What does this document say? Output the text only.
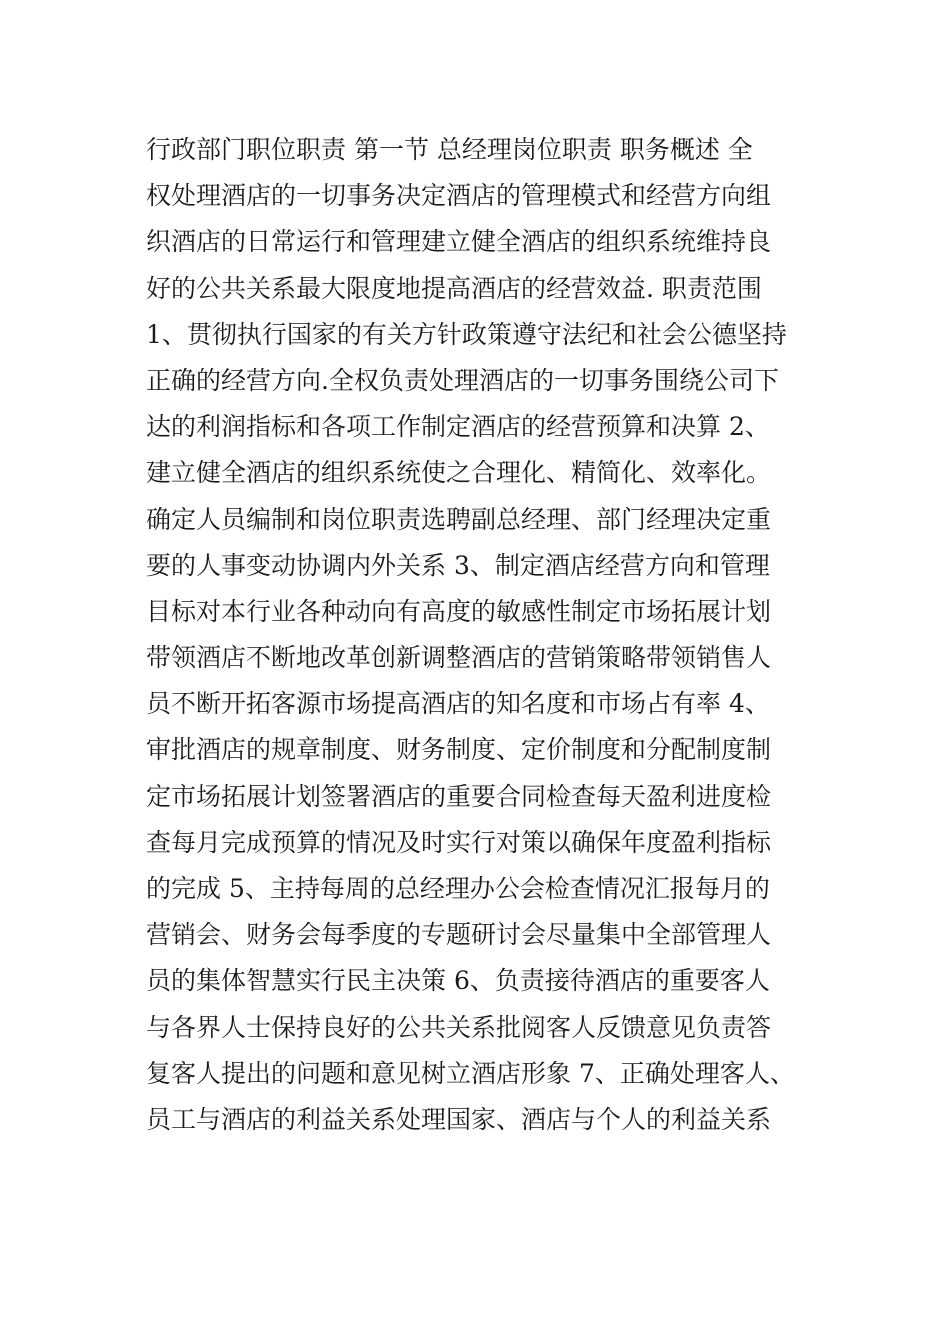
行政部门职位职责 第一节 总经理岗位职责 职务概述 全
权处理酒店的一切事务决定酒店的管理模式和经营方向组
织酒店的日常运行和管理建立健全酒店的组织系统维持良
好的公共关系最大限度地提高酒店的经营效益. 职责范围
1、贯彻执行国家的有关方针政策遵守法纪和社会公德坚持
正确的经营方向.全权负责处理酒店的一切事务围绕公司下
达的利润指标和各项工作制定酒店的经营预算和决算 2、
建立健全酒店的组织系统使之合理化、精简化、效率化。
确定人员编制和岗位职责选聘副总经理、部门经理决定重
要的人事变动协调内外关系 3、制定酒店经营方向和管理
目标对本行业各种动向有高度的敏感性制定市场拓展计划
带领酒店不断地改革创新调整酒店的营销策略带领销售人
员不断开拓客源市场提高酒店的知名度和市场占有率 4、
审批酒店的规章制度、财务制度、定价制度和分配制度制
定市场拓展计划签署酒店的重要合同检查每天盈利进度检
查每月完成预算的情况及时实行对策以确保年度盈利指标
的完成 5、主持每周的总经理办公会检查情况汇报每月的
营销会、财务会每季度的专题研讨会尽量集中全部管理人
员的集体智慧实行民主决策 6、负责接待酒店的重要客人
与各界人士保持良好的公共关系批阅客人反馈意见负责答
复客人提出的问题和意见树立酒店形象 7、正确处理客人、
员工与酒店的利益关系处理国家、酒店与个人的利益关系
